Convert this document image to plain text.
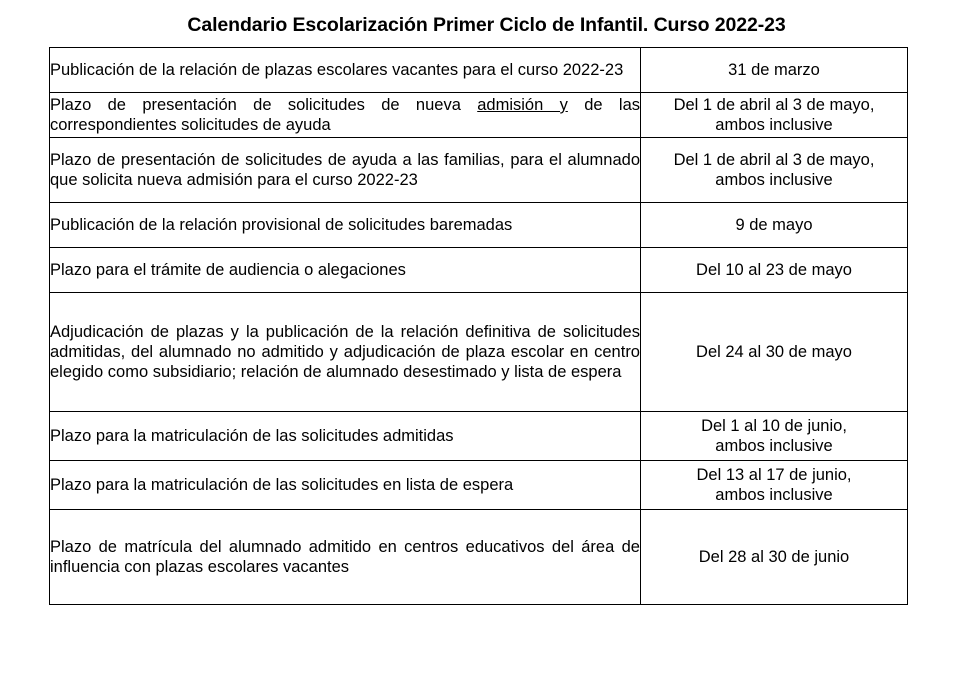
Calendario Escolarización Primer Ciclo de Infantil. Curso 2022-23
Publicación de la relación de plazas escolares vacantes para el curso 2022-23	31 de marzo

Plazo de presentación de solicitudes de nueva admisión y de las correspondientes solicitudes de ayuda	Del 1 de abril al 3 de mayo,
ambos inclusive

Plazo de presentación de solicitudes de ayuda a las familias, para el alumnado que solicita nueva admisión para el curso 2022-23	Del 1 de abril al 3 de mayo,
ambos inclusive

Publicación de la relación provisional de solicitudes baremadas	9 de mayo

Plazo para el trámite de audiencia o alegaciones	Del 10 al 23 de mayo

Adjudicación de plazas y la publicación de la relación definitiva de solicitudes admitidas, del alumnado no admitido y adjudicación de plaza escolar en centro elegido como subsidiario; relación de alumnado desestimado y lista de espera	Del 24 al 30 de mayo

Plazo para la matriculación de las solicitudes admitidas	Del 1 al 10 de junio,
ambos inclusive

Plazo para la matriculación de las solicitudes en lista de espera	Del 13 al 17 de junio,
ambos inclusive

Plazo de matrícula del alumnado admitido en centros educativos del área de influencia con plazas escolares vacantes	Del 28 al 30 de junio
